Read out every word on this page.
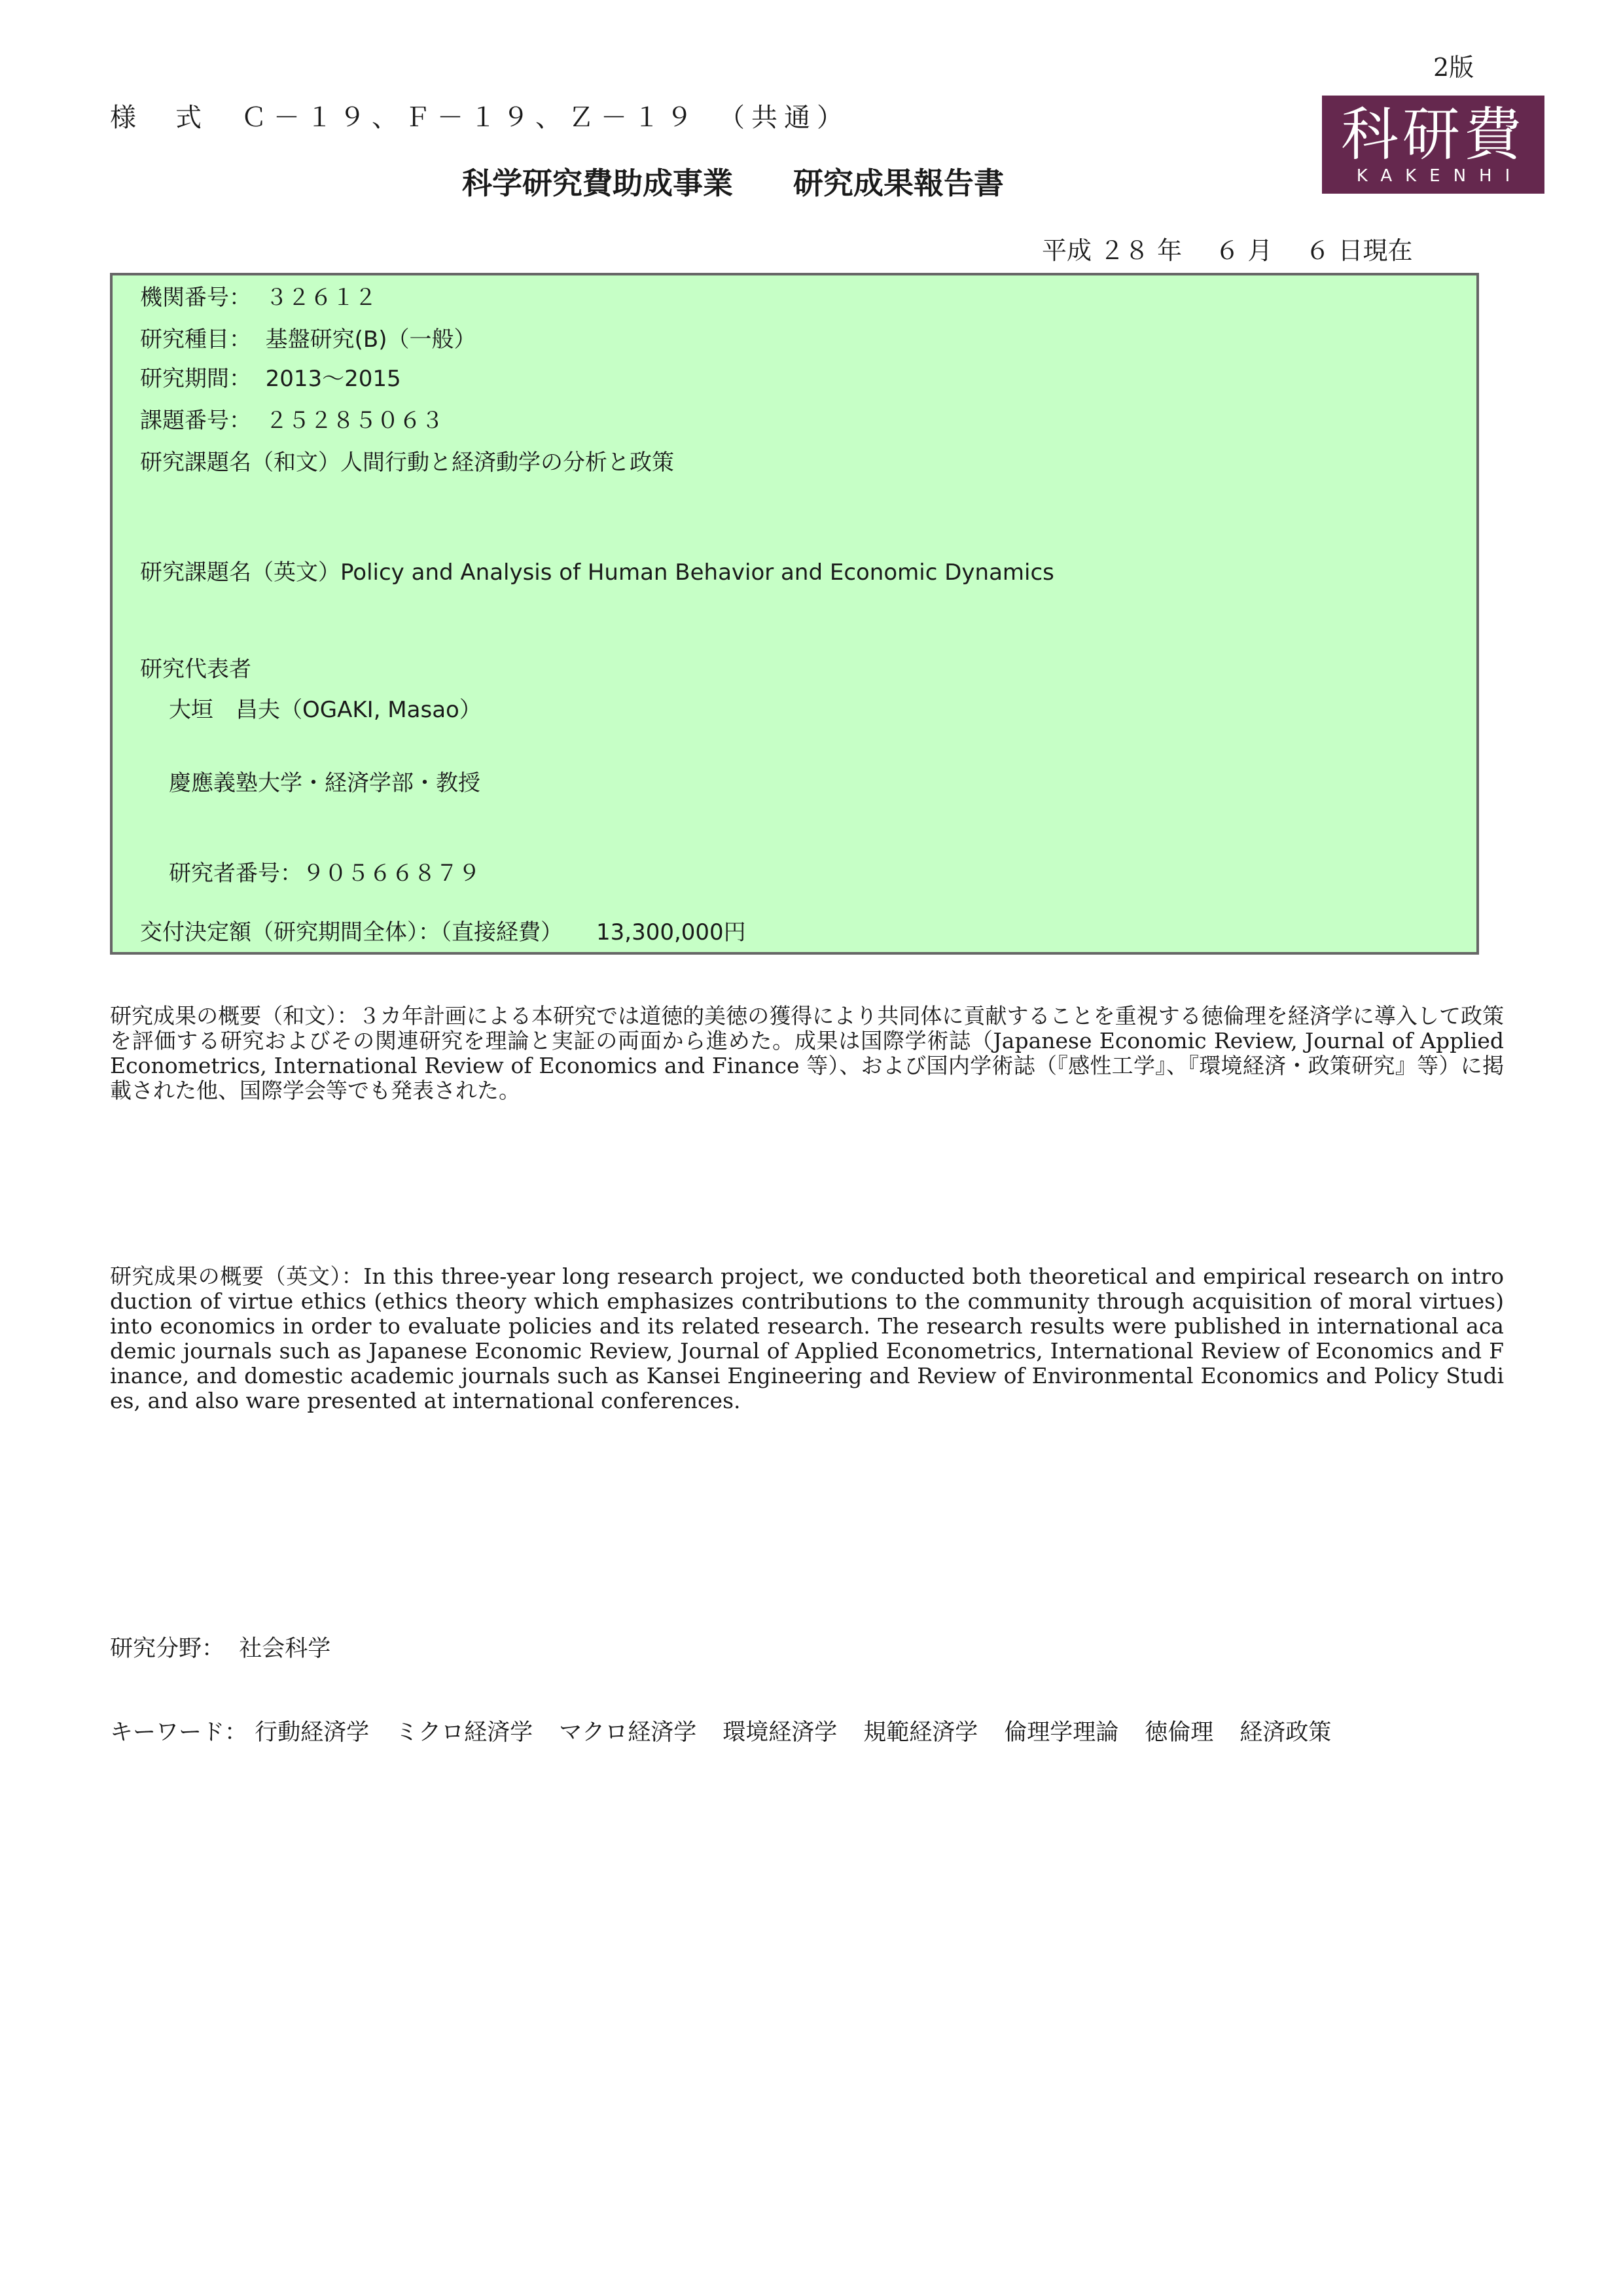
2版
様　式　Ｃ－１９、Ｆ－１９、Ｚ－１９　（共通）	科研費
KAKENHI
科学研究費助成事業　　研究成果報告書
平成 ２８ 年　 ６ 月　 ６ 日現在
機関番号：  ３２６１２
研究種目：  基盤研究(B)（一般）
研究期間：  2013～2015
課題番号：  ２５２８５０６３
研究課題名（和文）人間行動と経済動学の分析と政策
研究課題名（英文）Policy and Analysis of Human Behavior and Economic Dynamics
研究代表者
大垣　昌夫（OGAKI, Masao）
慶應義塾大学・経済学部・教授
研究者番号：９０５６６８７９
交付決定額（研究期間全体）：（直接経費）　　13,300,000円
研究成果の概要（和文）：３カ年計画による本研究では道徳的美徳の獲得により共同体に貢献することを重視する徳倫理を経済学に導入して政策を評価する研究およびその関連研究を理論と実証の両面から進めた。成果は国際学術誌（Japanese Economic Review, Journal of Applied Econometrics, International Review of Economics and Finance 等）、および国内学術誌（『感性工学』、『環境経済・政策研究』等）に掲載された他、国際学会等でも発表された。
研究成果の概要（英文）：In this three-year long research project, we conducted both theoretical and empirical research on introduction of virtue ethics (ethics theory which emphasizes contributions to the community through acquisition of moral virtues) into economics in order to evaluate policies and its related research. The research results were published in international academic journals such as Japanese Economic Review, Journal of Applied Econometrics, International Review of Economics and Finance, and domestic academic journals such as Kansei Engineering and Review of Environmental Economics and Policy Studies, and also ware presented at international conferences.
研究分野：  社会科学
キーワード： 行動経済学 ミクロ経済学 マクロ経済学 環境経済学 規範経済学 倫理学理論 徳倫理 経済政策
